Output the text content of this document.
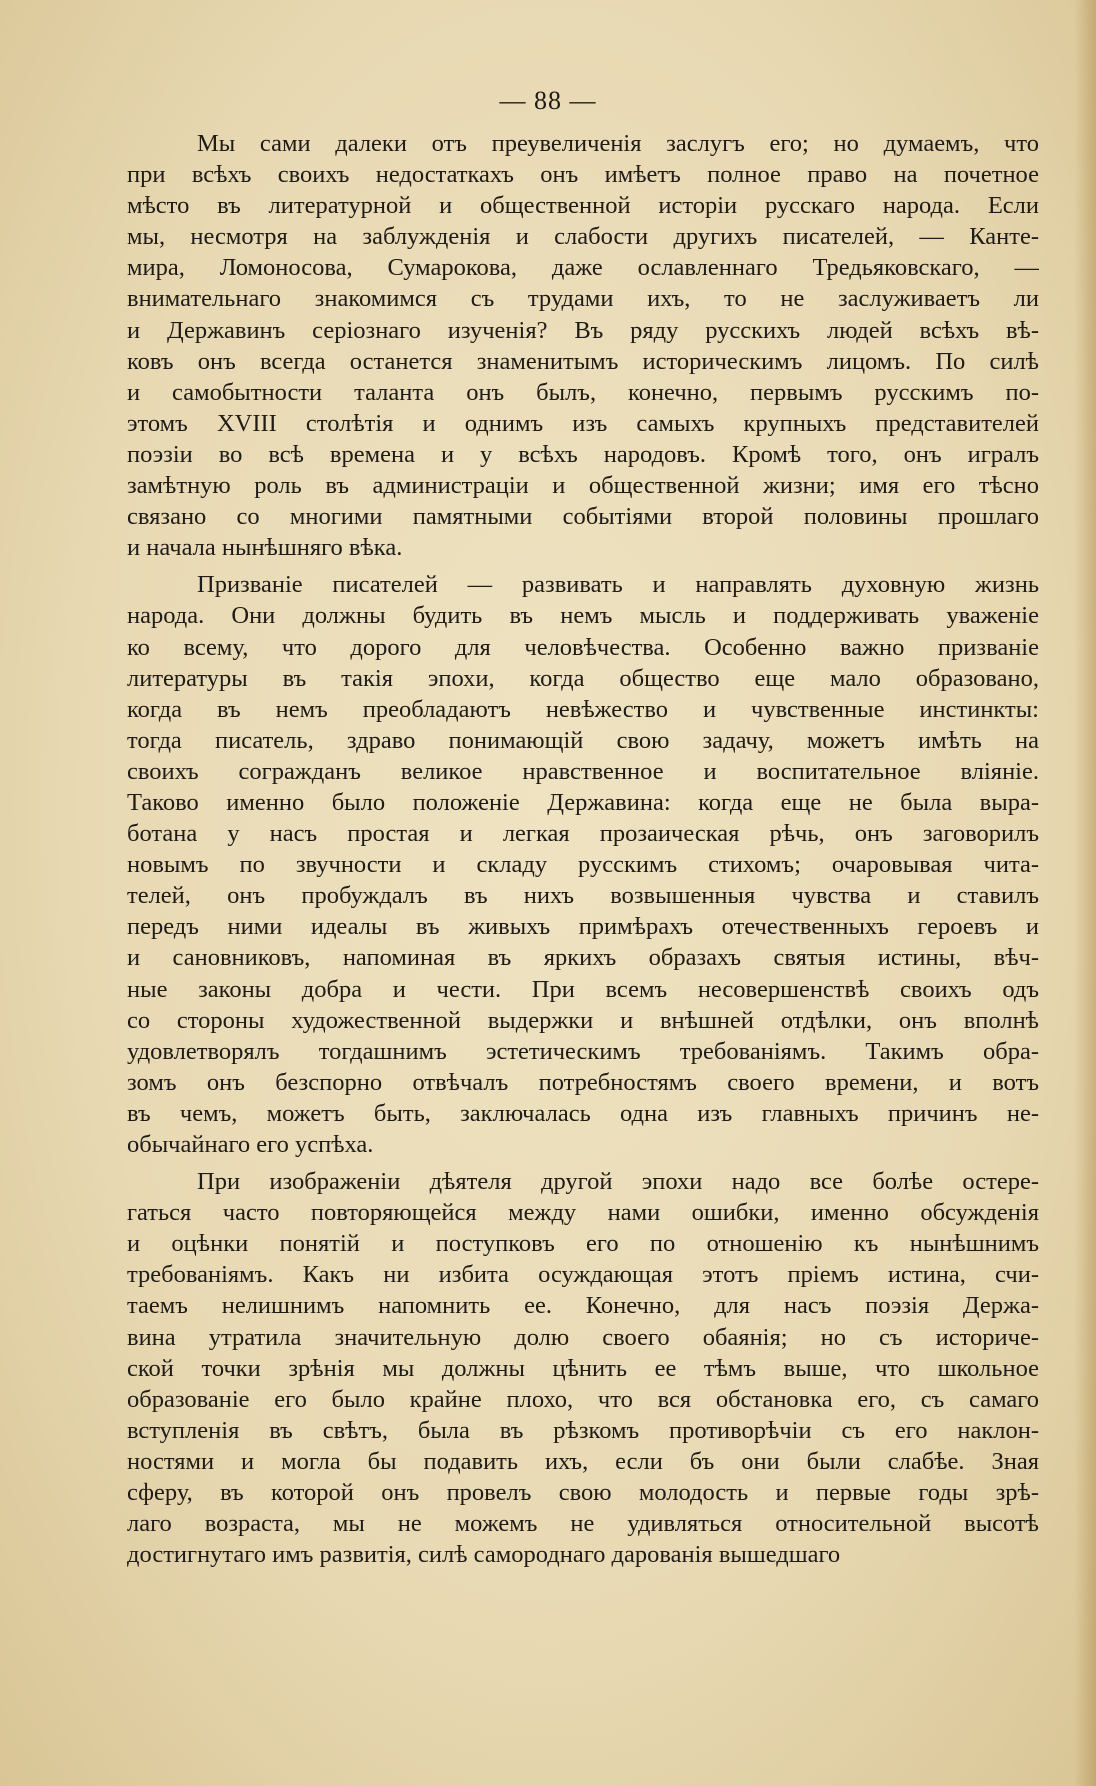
— 88 —
Мы сами далеки отъ преувеличенія заслугъ его; но думаемъ, что
при всѣхъ своихъ недостаткахъ онъ имѣетъ полное право на почетное
мѣсто въ литературной и общественной исторіи русскаго народа. Если
мы, несмотря на заблужденія и слабости другихъ писателей, — Канте-
мира, Ломоносова, Сумарокова, даже ославленнаго Тредьяковскаго, —
внимательнаго знакомимся съ трудами ихъ, то не заслуживаетъ ли
и Державинъ серіознаго изученія? Въ ряду русскихъ людей всѣхъ вѣ-
ковъ онъ всегда останется знаменитымъ историческимъ лицомъ. По силѣ
и самобытности таланта онъ былъ, конечно, первымъ русскимъ по-
этомъ XVIII столѣтія и однимъ изъ самыхъ крупныхъ представителей
поэзіи во всѣ времена и у всѣхъ народовъ. Кромѣ того, онъ игралъ
замѣтную роль въ администраціи и общественной жизни; имя его тѣсно
связано со многими памятными событіями второй половины прошлаго
и начала нынѣшняго вѣка.
Призваніе писателей — развивать и направлять духовную жизнь
народа. Они должны будить въ немъ мысль и поддерживать уваженіе
ко всему, что дорого для человѣчества. Особенно важно призваніе
литературы въ такія эпохи, когда общество еще мало образовано,
когда въ немъ преобладаютъ невѣжество и чувственные инстинкты:
тогда писатель, здраво понимающій свою задачу, можетъ имѣть на
своихъ согражданъ великое нравственное и воспитательное вліяніе.
Таково именно было положеніе Державина: когда еще не была выра-
ботана у насъ простая и легкая прозаическая рѣчь, онъ заговорилъ
новымъ по звучности и складу русскимъ стихомъ; очаровывая чита-
телей, онъ пробуждалъ въ нихъ возвышенныя чувства и ставилъ
передъ ними идеалы въ живыхъ примѣрахъ отечественныхъ героевъ и
и сановниковъ, напоминая въ яркихъ образахъ святыя истины, вѣч-
ные законы добра и чести. При всемъ несовершенствѣ своихъ одъ
со стороны художественной выдержки и внѣшней отдѣлки, онъ вполнѣ
удовлетворялъ тогдашнимъ эстетическимъ требованіямъ. Такимъ обра-
зомъ онъ безспорно отвѣчалъ потребностямъ своего времени, и вотъ
въ чемъ, можетъ быть, заключалась одна изъ главныхъ причинъ не-
обычайнаго его успѣха.
При изображеніи дѣятеля другой эпохи надо все болѣе остерe-
гаться часто повторяющейся между нами ошибки, именно обсужденія
и оцѣнки понятій и поступковъ его по отношенію къ нынѣшнимъ
требованіямъ. Какъ ни избита осуждающая этотъ пріемъ истина, счи-
таемъ нелишнимъ напомнить ее. Конечно, для насъ поэзія Держа-
вина утратила значительную долю своего обаянія; но съ историче-
ской точки зрѣнія мы должны цѣнить ее тѣмъ выше, что школьное
образованіе его было крайне плохо, что вся обстановка его, съ самаго
вступленія въ свѣтъ, была въ рѣзкомъ противорѣчіи съ его наклон-
ностями и могла бы подавить ихъ, если бъ они были слабѣе. Зная
сферу, въ которой онъ провелъ свою молодость и первые годы зрѣ-
лаго возраста, мы не можемъ не удивляться относительной высотѣ
достигнутаго имъ развитія, силѣ самороднаго дарованія вышедшаго
